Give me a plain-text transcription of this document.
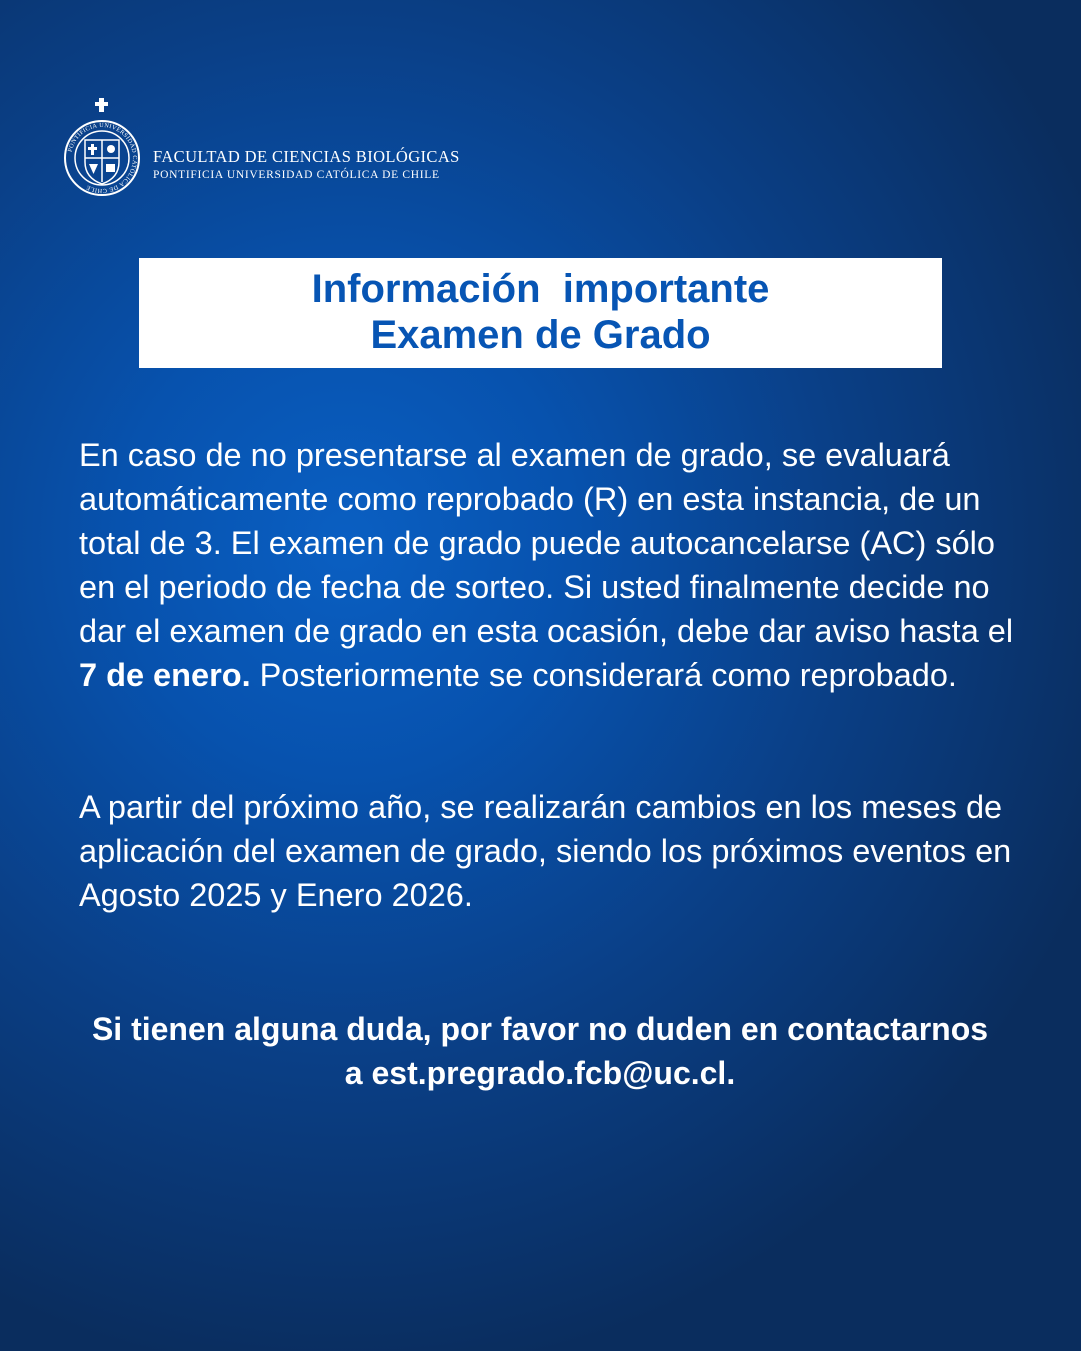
PONTIFICIA UNIVERSIDAD CATÓLICA DE CHILE
FACULTAD DE CIENCIAS BIOLÓGICAS
PONTIFICIA UNIVERSIDAD CATÓLICA DE CHILE
Información  importante
Examen de Grado

En caso de no presentarse al examen de grado, se evaluará automáticamente como reprobado (R) en esta instancia, de un total de 3. El examen de grado puede autocancelarse (AC) sólo en el periodo de fecha de sorteo. Si usted finalmente decide no dar el examen de grado en esta ocasión, debe dar aviso hasta el 7 de enero. Posteriormente se considerará como reprobado.

A partir del próximo año, se realizarán cambios en los meses de aplicación del examen de grado, siendo los próximos eventos en Agosto 2025 y Enero 2026.

Si tienen alguna duda, por favor no duden en contactarnos a est.pregrado.fcb@uc.cl.
